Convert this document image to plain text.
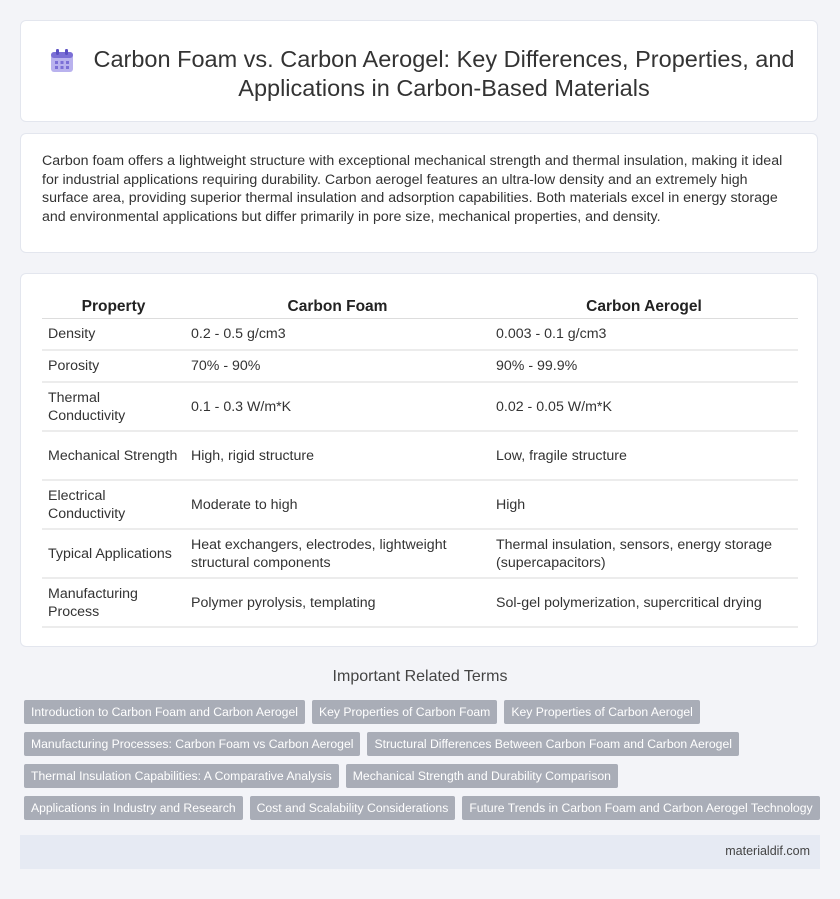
Carbon Foam vs. Carbon Aerogel: Key Differences, Properties, and Applications in Carbon-Based Materials

Carbon foam offers a lightweight structure with exceptional mechanical strength and thermal insulation, making it ideal for industrial applications requiring durability. Carbon aerogel features an ultra-low density and an extremely high surface area, providing superior thermal insulation and adsorption capabilities. Both materials excel in energy storage and environmental applications but differ primarily in pore size, mechanical properties, and density.

Property	Carbon Foam	Carbon Aerogel
Density	0.2 - 0.5 g/cm3	0.003 - 0.1 g/cm3
Porosity	70% - 90%	90% - 99.9%
Thermal Conductivity	0.1 - 0.3 W/m*K	0.02 - 0.05 W/m*K
Mechanical Strength	High, rigid structure	Low, fragile structure
Electrical Conductivity	Moderate to high	High
Typical Applications	Heat exchangers, electrodes, lightweight structural components	Thermal insulation, sensors, energy storage (supercapacitors)
Manufacturing Process	Polymer pyrolysis, templating	Sol-gel polymerization, supercritical drying
Important Related Terms
Introduction to Carbon Foam and Carbon Aerogel	Key Properties of Carbon Foam	Key Properties of Carbon Aerogel
Manufacturing Processes: Carbon Foam vs Carbon Aerogel	Structural Differences Between Carbon Foam and Carbon Aerogel
Thermal Insulation Capabilities: A Comparative Analysis	Mechanical Strength and Durability Comparison
Applications in Industry and Research	Cost and Scalability Considerations	Future Trends in Carbon Foam and Carbon Aerogel Technology
materialdif.com
